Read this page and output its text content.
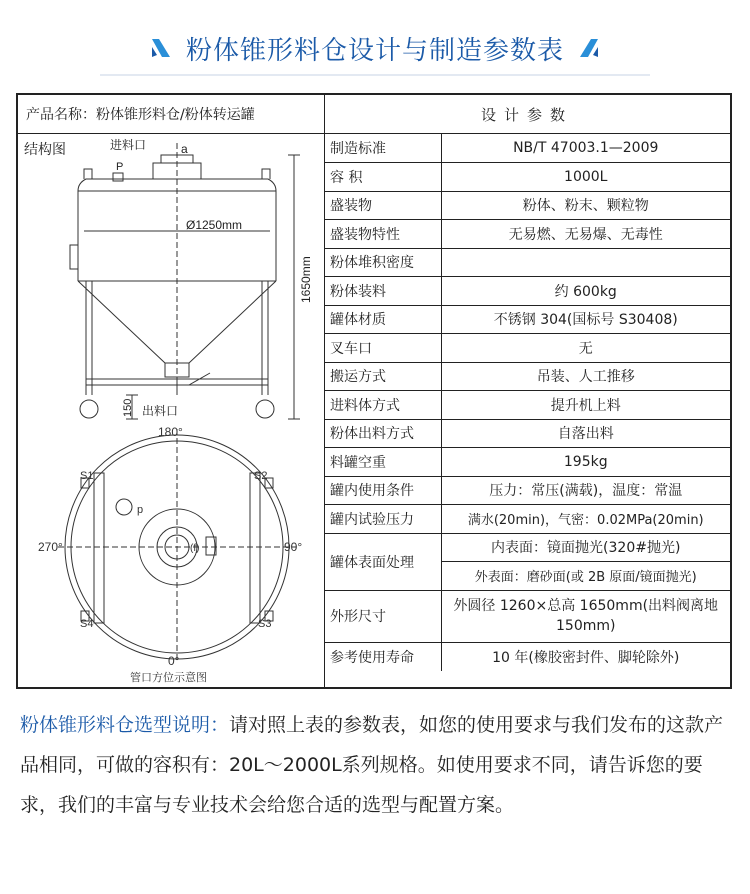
粉体锥形料仓设计与制造参数表
产品名称： 粉体锥形料仓/粉体转运罐
结构图	进料口	a
P
Ø1250mm
1650mm
150 出料口
180°
270°	90°
0°
S1	S2
S3
S4
p
(f)
管口方位示意图
设计参数
制造标准	NB/T 47003.1—2009
容 积	1000L
盛装物	粉体、粉末、颗粒物
盛装物特性	无易燃、无易爆、无毒性
粉体堆积密度	
粉体装料	约 600kg
罐体材质	不锈钢 304(国标号 S30408)
叉车口	无
搬运方式	吊装、人工推移
进料体方式	提升机上料
粉体出料方式	自落出料
料罐空重	195kg
罐内使用条件	压力：常压(满载)，温度：常温
罐内试验压力	满水(20min)，气密：0.02MPa(20min)
罐体表面处理	内表面：镜面抛光(320#抛光)
	外表面：磨砂面(或 2B 原面/镜面抛光)
外形尺寸	外圆径 1260×总高 1650mm(出料阀离地 150mm)
参考使用寿命	10 年(橡胶密封件、脚轮除外)
粉体锥形料仓选型说明：请对照上表的参数表，如您的使用要求与我们发布的这款产品相同，可做的容积有：20L～2000L系列规格。如使用要求不同，请告诉您的要求，我们的丰富与专业技术会给您合适的选型与配置方案。
